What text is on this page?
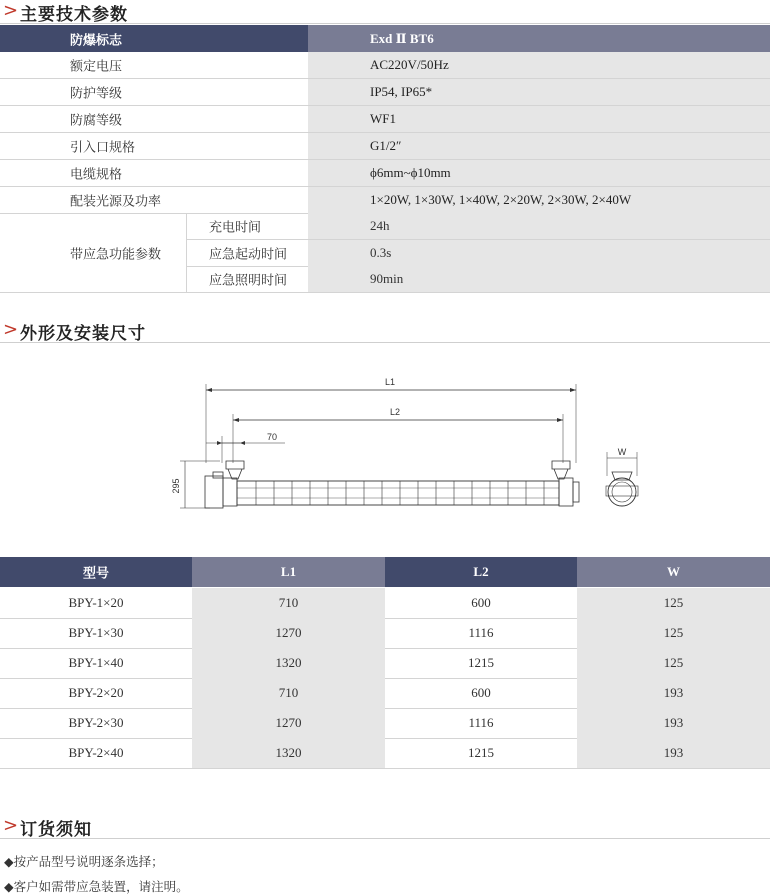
> 主要技术参数
防爆标志	Exd Ⅱ BT6
额定电压	AC220V/50Hz
防护等级	IP54, IP65*
防腐等级	WF1
引入口规格	G1/2″
电缆规格	ϕ6mm~ϕ10mm
配装光源及功率	1×20W, 1×30W, 1×40W, 2×20W, 2×30W, 2×40W
带应急功能参数
充电时间	24h
应急起动时间	0.3s
应急照明时间	90min
> 外形及安装尺寸
L1
L2
70
295
W
型号	L1	L2	W
BPY-1×20	710	600	125
BPY-1×30	1270	1116	125
BPY-1×40	1320	1215	125
BPY-2×20	710	600	193
BPY-2×30	1270	1116	193
BPY-2×40	1320	1215	193
> 订货须知
◆按产品型号说明逐条选择；
◆客户如需带应急装置，请注明。
